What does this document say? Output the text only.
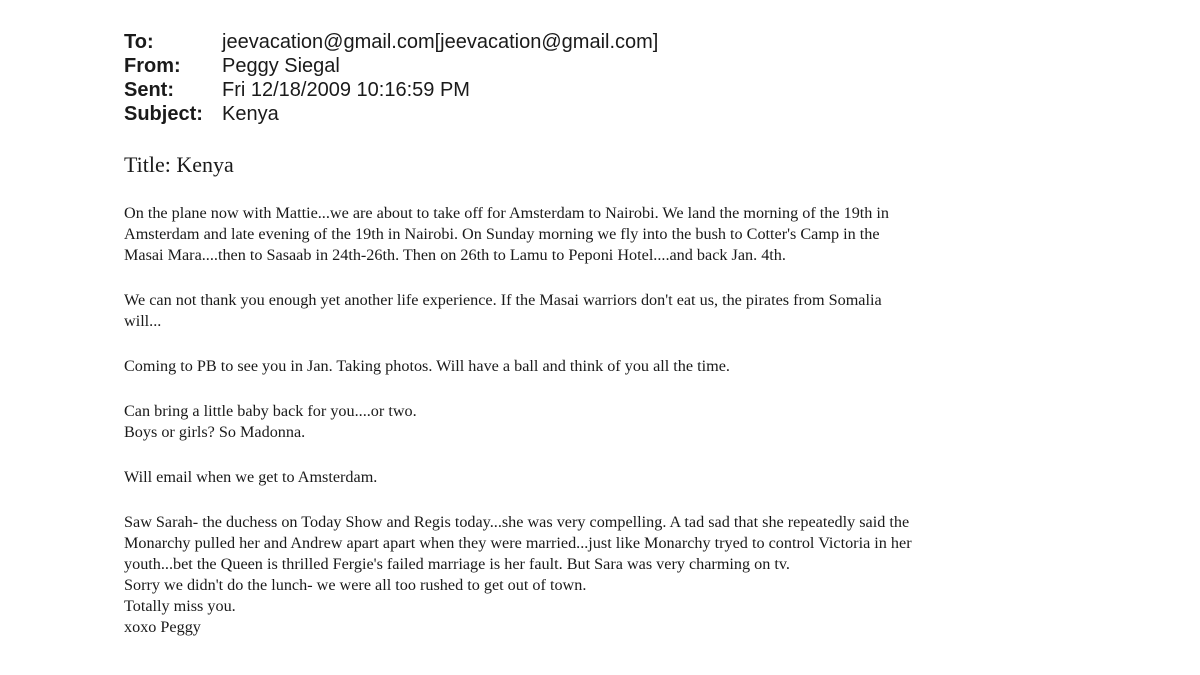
To:	jeevacation@gmail.com[jeevacation@gmail.com]
From:	Peggy Siegal
Sent:	Fri 12/18/2009 10:16:59 PM
Subject: Kenya
Title: Kenya
On the plane now with Mattie...we are about to take off for Amsterdam to Nairobi. We land the morning of the 19th in
Amsterdam and late evening of the 19th in Nairobi. On Sunday morning we fly into the bush to Cotter's Camp in the
Masai Mara....then to Sasaab in 24th-26th. Then on 26th to Lamu to Peponi Hotel....and back Jan. 4th.
We can not thank you enough yet another life experience. If the Masai warriors don't eat us, the pirates from Somalia
will...
Coming to PB to see you in Jan. Taking photos. Will have a ball and think of you all the time.
Can bring a little baby back for you....or two.
Boys or girls? So Madonna.
Will email when we get to Amsterdam.
Saw Sarah- the duchess on Today Show and Regis today...she was very compelling. A tad sad that she repeatedly said the
Monarchy pulled her and Andrew apart apart when they were married...just like Monarchy tryed to control Victoria in her
youth...bet the Queen is thrilled Fergie's failed marriage is her fault. But Sara was very charming on tv.
Sorry we didn't do the lunch- we were all too rushed to get out of town.
Totally miss you.
xoxo Peggy
